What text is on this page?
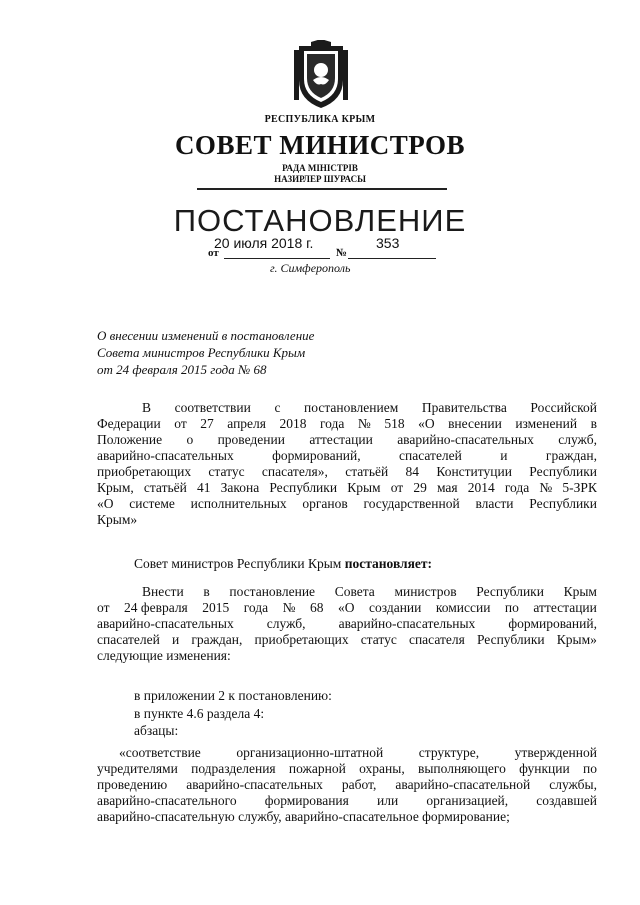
РЕСПУБЛИКА КРЫМ
СОВЕТ МИНИСТРОВ
РАДА МІНІСТРІВ
НАЗИРЛЕР ШУРАСЫ
ПОСТАНОВЛЕНИЕ
20 июля 2018 г.	353
от	№
г. Симферополь
О внесении изменений в постановление
Совета министров Республики Крым
от 24 февраля 2015 года № 68
В соответствии с постановлением Правительства Российской
Федерации от 27 апреля 2018 года № 518 «О внесении изменений в
Положение о проведении аттестации аварийно-спасательных служб,
аварийно-спасательных	формирований,	спасателей	и	граждан,
приобретающих статус спасателя», статьёй 84 Конституции Республики
Крым, статьёй 41 Закона Республики Крым от 29 мая 2014 года № 5-ЗРК
«О системе исполнительных органов государственной власти Республики
Крым»
Совет министров Республики Крым постановляет:
Внести в постановление Совета министров Республики Крым
от 24 февраля 2015 года № 68 «О создании комиссии по аттестации
аварийно-спасательных служб, аварийно-спасательных формирований,
спасателей и граждан, приобретающих статус спасателя Республики Крым»
следующие изменения:
в приложении 2 к постановлению:
в пункте 4.6 раздела 4:
абзацы:
«соответствие	организационно-штатной	структуре,	утвержденной
учредителями подразделения пожарной охраны, выполняющего функции по
проведению аварийно-спасательных работ, аварийно-спасательной службы,
аварийно-спасательного формирования или организацией, создавшей
аварийно-спасательную службу, аварийно-спасательное формирование;
